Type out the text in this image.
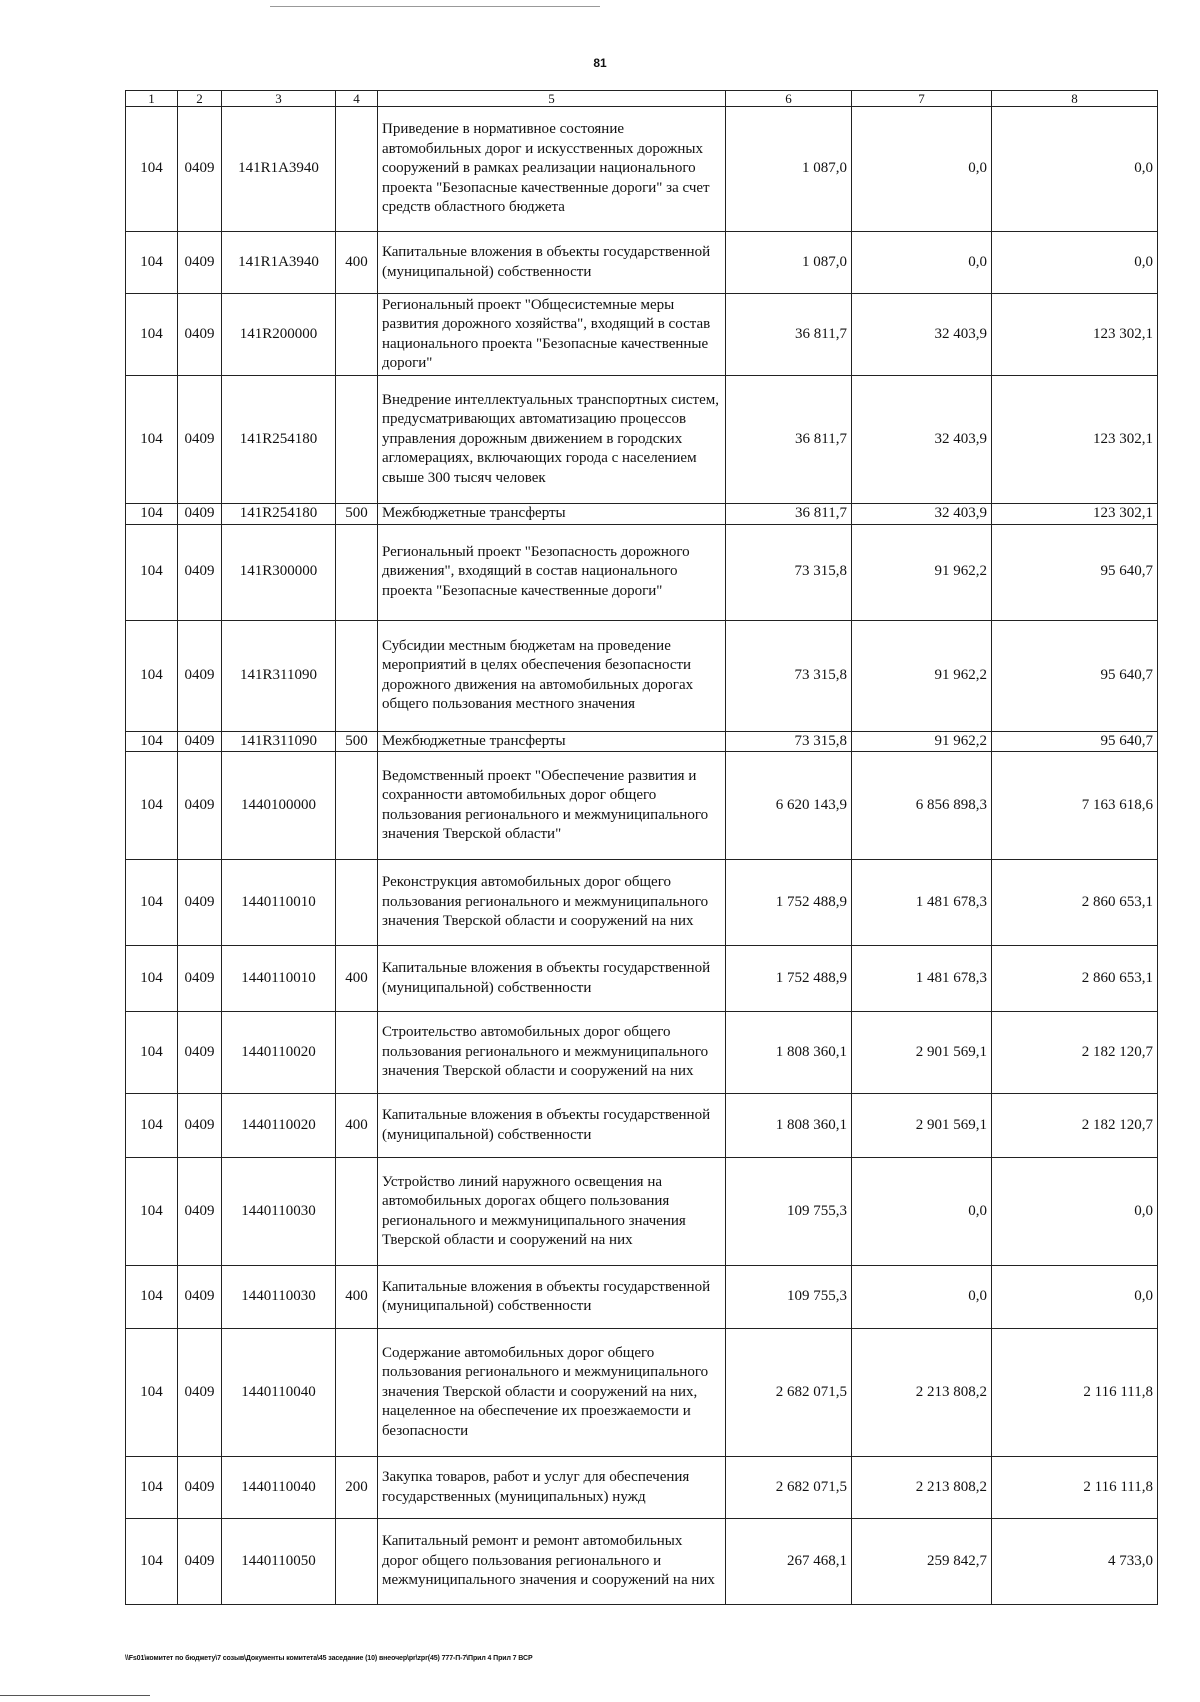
81
1	2	3	4	5	6	7	8
104	0409	141R1A3940		Приведение в нормативное состояние автомобильных дорог и искусственных дорожных сооружений в рамках реализации национального проекта "Безопасные качественные дороги" за счет средств областного бюджета	1 087,0	0,0	0,0
104	0409	141R1A3940	400	Капитальные вложения в объекты государственной (муниципальной) собственности	1 087,0	0,0	0,0
104	0409	141R200000		Региональный проект "Общесистемные меры развития дорожного хозяйства", входящий в состав национального проекта "Безопасные качественные дороги"	36 811,7	32 403,9	123 302,1
104	0409	141R254180		Внедрение интеллектуальных транспортных систем, предусматривающих автоматизацию процессов управления дорожным движением в городских агломерациях, включающих города с населением свыше 300 тысяч человек	36 811,7	32 403,9	123 302,1
104	0409	141R254180	500	Межбюджетные трансферты	36 811,7	32 403,9	123 302,1
104	0409	141R300000		Региональный проект "Безопасность дорожного движения", входящий в состав национального проекта "Безопасные качественные дороги"	73 315,8	91 962,2	95 640,7
104	0409	141R311090		Субсидии местным бюджетам на проведение мероприятий в целях обеспечения безопасности дорожного движения на автомобильных дорогах общего пользования местного значения	73 315,8	91 962,2	95 640,7
104	0409	141R311090	500	Межбюджетные трансферты	73 315,8	91 962,2	95 640,7
104	0409	1440100000		Ведомственный проект "Обеспечение развития и сохранности автомобильных дорог общего пользования регионального и межмуниципального значения Тверской области"	6 620 143,9	6 856 898,3	7 163 618,6
104	0409	1440110010		Реконструкция автомобильных дорог общего пользования регионального и межмуниципального значения Тверской области и сооружений на них	1 752 488,9	1 481 678,3	2 860 653,1
104	0409	1440110010	400	Капитальные вложения в объекты государственной (муниципальной) собственности	1 752 488,9	1 481 678,3	2 860 653,1
104	0409	1440110020		Строительство автомобильных дорог общего пользования регионального и межмуниципального значения Тверской области и сооружений на них	1 808 360,1	2 901 569,1	2 182 120,7
104	0409	1440110020	400	Капитальные вложения в объекты государственной (муниципальной) собственности	1 808 360,1	2 901 569,1	2 182 120,7
104	0409	1440110030		Устройство линий наружного освещения на автомобильных дорогах общего пользования регионального и межмуниципального значения Тверской области и сооружений на них	109 755,3	0,0	0,0
104	0409	1440110030	400	Капитальные вложения в объекты государственной (муниципальной) собственности	109 755,3	0,0	0,0
104	0409	1440110040		Содержание автомобильных дорог общего пользования регионального и межмуниципального значения Тверской области и сооружений на них, нацеленное на обеспечение их проезжаемости и безопасности	2 682 071,5	2 213 808,2	2 116 111,8
104	0409	1440110040	200	Закупка товаров, работ и услуг для обеспечения государственных (муниципальных) нужд	2 682 071,5	2 213 808,2	2 116 111,8
104	0409	1440110050		Капитальный ремонт и ремонт автомобильных дорог общего пользования регионального и межмуниципального значения и сооружений на них	267 468,1	259 842,7	4 733,0
\\Fs01\комитет по бюджету\7 созыв\Документы комитета\45 заседание (10) внеочер\pr\zpr(45) 777-П-7\Прил 4 Прил 7 ВСР
